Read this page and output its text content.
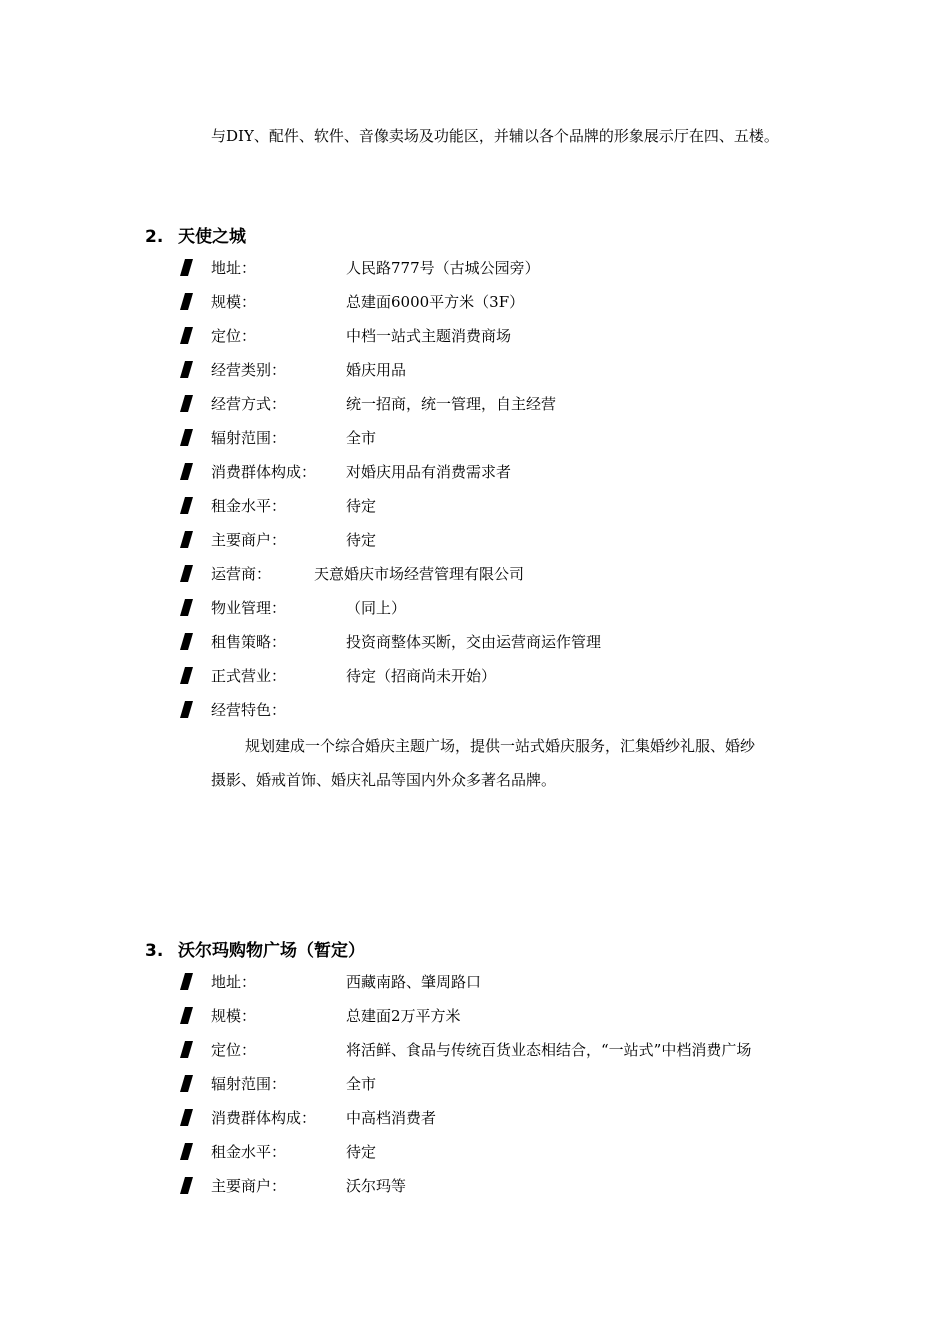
与DIY、配件、软件、音像卖场及功能区，并辅以各个品牌的形象展示厅在四、五楼。
2. 天使之城
地址：	人民路777号（古城公园旁）
规模：	总建面6000平方米（3F）
定位：	中档一站式主题消费商场
经营类别：	婚庆用品
经营方式：	统一招商，统一管理，自主经营
辐射范围：	全市
消费群体构成： 对婚庆用品有消费需求者
租金水平：	待定
主要商户：	待定
运营商：	天意婚庆市场经营管理有限公司
物业管理：	（同上）
租售策略：	投资商整体买断，交由运营商运作管理
正式营业：	待定（招商尚未开始）
经营特色：
规划建成一个综合婚庆主题广场，提供一站式婚庆服务，汇集婚纱礼服、婚纱
摄影、婚戒首饰、婚庆礼品等国内外众多著名品牌。
3. 沃尔玛购物广场（暂定）
地址：	西藏南路、肇周路口
规模：	总建面2万平方米
定位：	将活鲜、食品与传统百货业态相结合，“一站式”中档消费广场
辐射范围：	全市
消费群体构成： 中高档消费者
租金水平：	待定
主要商户：	沃尔玛等
